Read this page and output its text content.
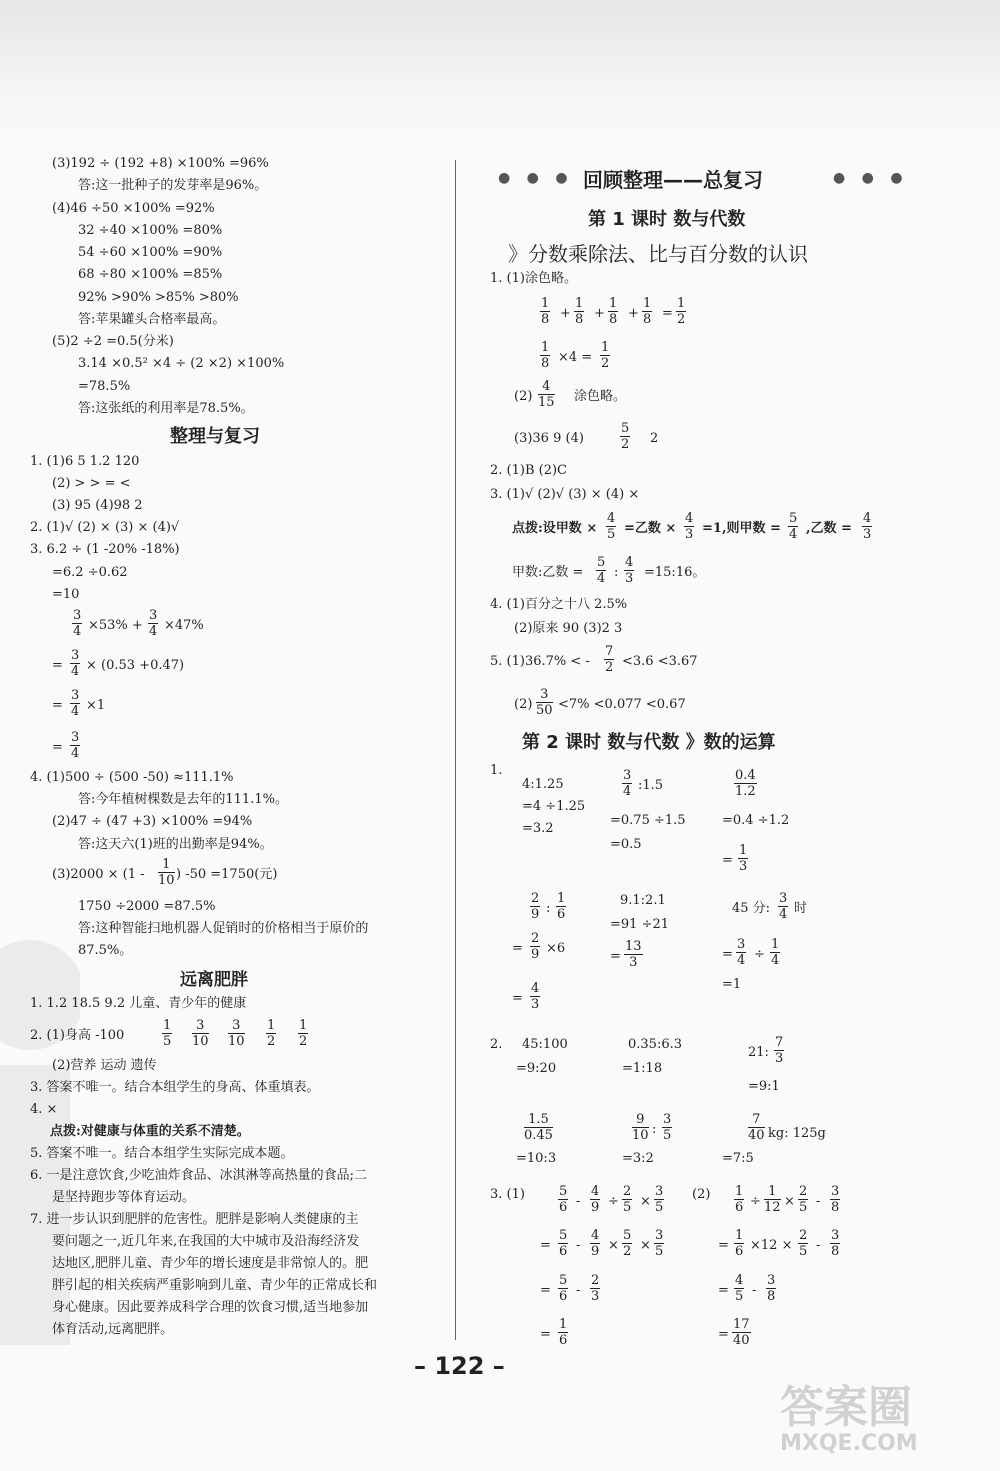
(3)192 ÷ (192 +8) ×100% =96%
答:这一批种子的发芽率是96%。
(4)46 ÷50 ×100% =92%
32 ÷40 ×100% =80%
54 ÷60 ×100% =90%
68 ÷80 ×100% =85%
92% >90% >85% >80%
答:苹果罐头合格率最高。
(5)2 ÷2 =0.5(分米)
3.14 ×0.5² ×4 ÷ (2 ×2) ×100%
=78.5%
答:这张纸的利用率是78.5%。
整理与复习
1. (1)6 5 1.2 120
(2) > > = <
(3) 95 (4)98 2
2. (1)√ (2) × (3) × (4)√
3. 6.2 ÷ (1 -20% -18%)
=6.2 ÷0.62
=10
$\frac{3}{4} \times 53\% + \frac{3}{4} \times 47\%$
= $\frac{3}{4} \times (0.53 +0.47)$
= $\frac{3}{4} \times 1$
= $\frac{3}{4}$
4. (1)500 ÷ (500 -50) ≈111.1%
答:今年植树棵数是去年的111.1%。
(2)47 ÷ (47 +3) ×100% =94%
答:这天六(1)班的出勤率是94%。
$(3)2000 \times (1 - \frac{1}{10}$ ) -50 =1750(元)
1750 ÷2000 =87.5%
答:这种智能扫地机器人促销时的价格相当于原价的
87.5%。
远离肥胖
1. 1.2 18.5 9.2 儿童、青少年的健康
2. (1)身高 -100	$\frac{1}{5} \frac{3}{10} \frac{3}{10} \frac{1}{2} \frac{1}{2}$
(2)营养 运动 遗传
3. 答案不唯一。结合本组学生的身高、体重填表。
4. ×
点拨:对健康与体重的关系不清楚。
5. 答案不唯一。结合本组学生实际完成本题。
6. 一是注意饮食,少吃油炸食品、冰淇淋等高热量的食品;二
是坚持跑步等体育运动。
7. 进一步认识到肥胖的危害性。肥胖是影响人类健康的主
要问题之一,近几年来,在我国的大中城市及沿海经济发
达地区,肥胖儿童、青少年的增长速度是非常惊人的。肥
胖引起的相关疾病严重影响到儿童、青少年的正常成长和
身心健康。因此要养成科学合理的饮食习惯,适当地参加
体育活动,远离肥胖。
● ● ● 回顾整理——总复习	● ● ●
第 1 课时 数与代数
》分数乘除法、比与百分数的认识
1. (1)涂色略。
$\frac{1}{8} + \frac{1}{8} + \frac{1}{8} + \frac{1}{8} = \frac{1}{2}$
$\frac{1}{8} \times 4 = \frac{1}{2}$
$(2) \frac{4}{15}$ 涂色略。
(3)36 9 (4)	$\frac{5}{2} 2$
2. (1)B (2)C
3. (1)√ (2)√ (3) × (4) ×
点拨:设甲数 × $\frac{4}{5}$ =乙数 × $\frac{4}{3} =1$,则甲数 = $\frac{5}{4}$ ,乙数 = $\frac{4}{3}$
甲数:乙数 = $\frac{5}{4}$ : $\frac{4}{3}$ =15:16。
4. (1)百分之十八 2.5%
(2)原来 90 (3)2 3
5. (1)36.7% < - $\frac{7}{2} <3.6 <3.67$
$(2) \frac{3}{50} <7\% <0.077 <0.67$
第 2 课时 数与代数 》数的运算
1.
4:1.25
=4 ÷1.25
=3.2
$\frac{3}{4}$ :1.5
=0.75 ÷1.5
=0.5
$\frac{0.4}{1.2}$
=0.4 ÷1.2
= $\frac{1}{3}$
$\frac{2}{9}$ : $\frac{1}{6}$
= $\frac{2}{9} \times 6$
= $\frac{4}{3}$
9.1:2.1
=91 ÷21
= $\frac{13}{3}$
45 分: $\frac{3}{4}$ 时
= $\frac{3}{4} \div \frac{1}{4}$
=1
2. 45:100
=9:20
0.35:6.3
=1:18
21: $\frac{7}{3}$
=9:1
$\frac{1.5}{0.45}$
=10:3
$\frac{9}{10}$ : $\frac{3}{5}$
=3:2
$\frac{7}{40}$ kg: 125g
=7:5
3. (1)	$\frac{5}{6} - \frac{4}{9} \div \frac{2}{5} \times \frac{3}{5}$
= $\frac{5}{6} - \frac{4}{9} \times \frac{5}{2} \times \frac{3}{5}$
= $\frac{5}{6} - \frac{2}{3}$
= $\frac{1}{6}$
$(2) \frac{1}{6} \div \frac{1}{12} \times \frac{2}{5} - \frac{3}{8}$
= $\frac{1}{6} \times 12 \times \frac{2}{5} - \frac{3}{8}$
= $\frac{4}{5} - \frac{3}{8}$
= $\frac{17}{40}$
– 122 –
答案圈
MXQE.COM
